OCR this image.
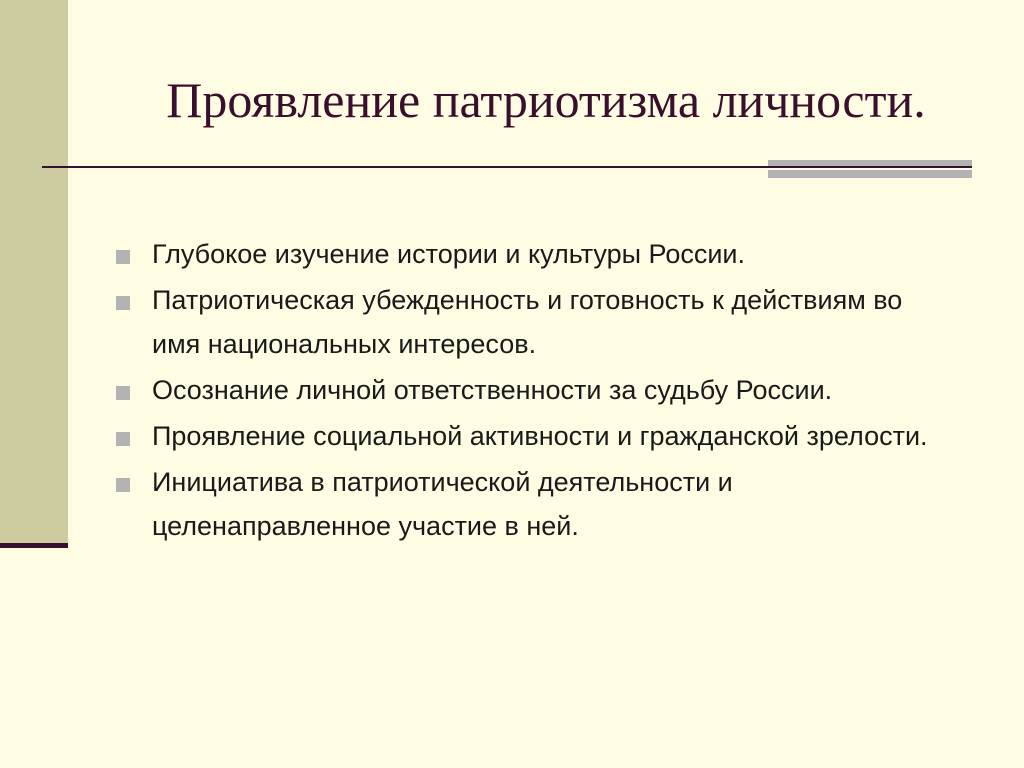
Проявление патриотизма личности.
Глубокое изучение истории и культуры России.
Патриотическая убежденность и готовность к действиям во имя национальных интересов.
Осознание личной ответственности за судьбу России.
Проявление социальной активности и гражданской зрелости.
Инициатива в патриотической деятельности и целенаправленное участие в ней.
